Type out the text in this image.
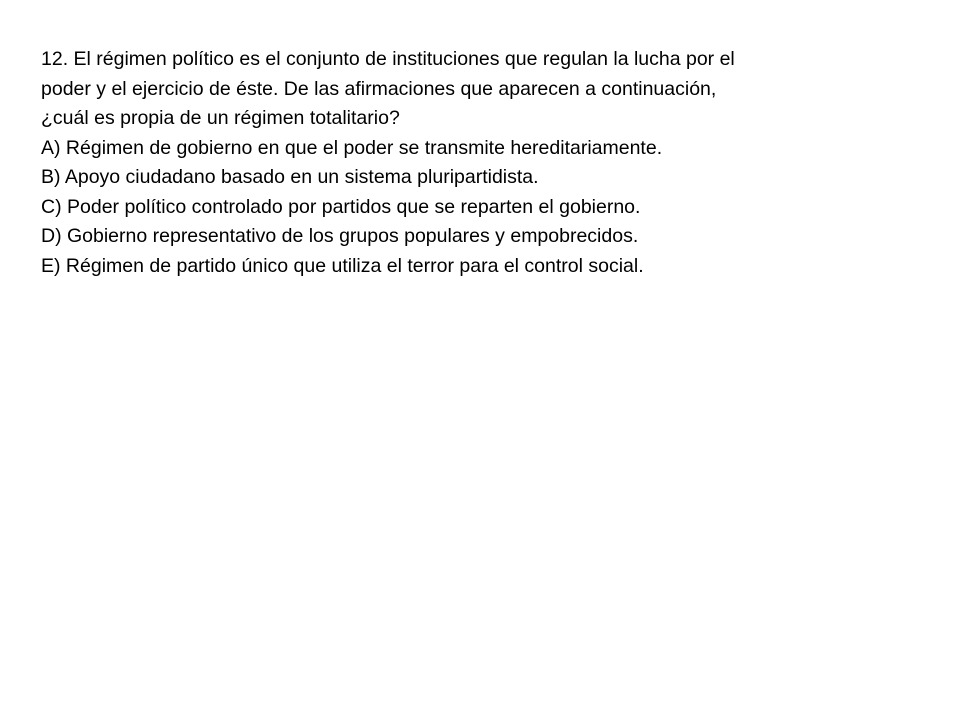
12. El régimen político es el conjunto de instituciones que regulan la lucha por el
poder y el ejercicio de éste. De las afirmaciones que aparecen a continuación,
¿cuál es propia de un régimen totalitario?
A) Régimen de gobierno en que el poder se transmite hereditariamente.
B) Apoyo ciudadano basado en un sistema pluripartidista.
C) Poder político controlado por partidos que se reparten el gobierno.
D) Gobierno representativo de los grupos populares y empobrecidos.
E) Régimen de partido único que utiliza el terror para el control social.
